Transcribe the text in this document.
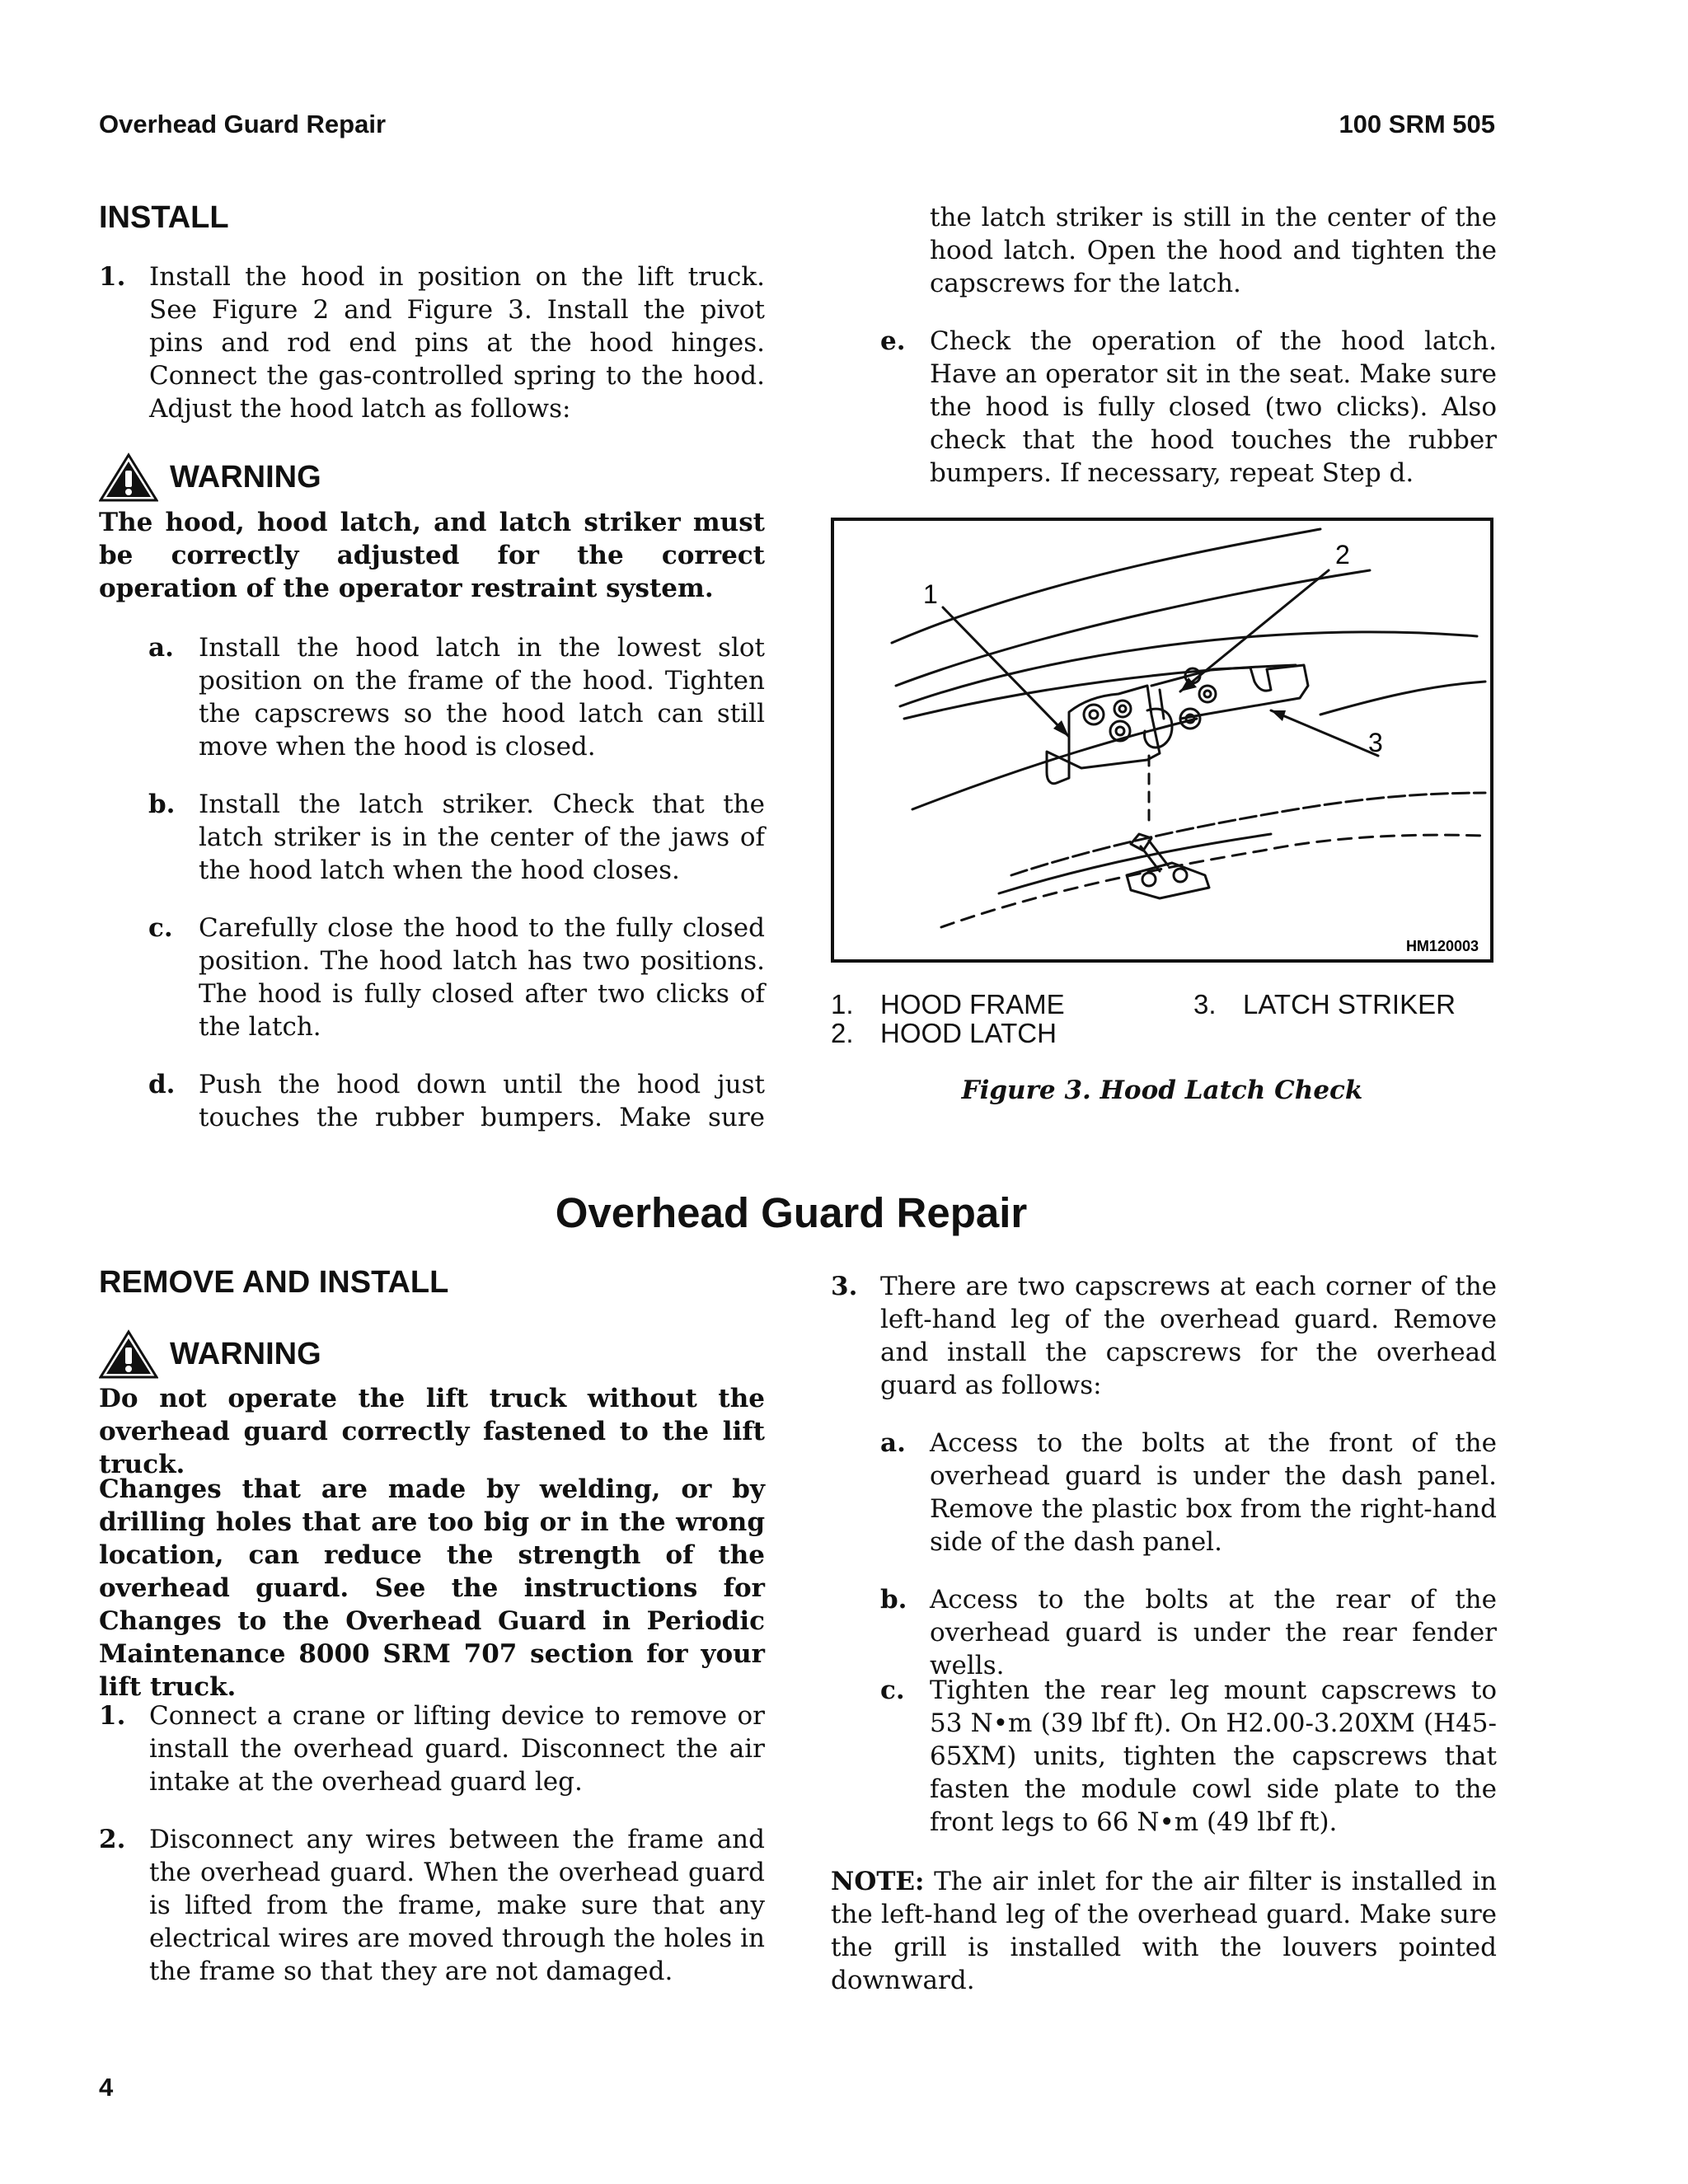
Overhead Guard Repair	100 SRM 505
INSTALL
1. Install the hood in position on the lift truck. See Figure 2 and Figure 3. Install the pivot pins and rod end pins at the hood hinges. Connect the gas-controlled spring to the hood. Adjust the hood latch as follows:
WARNING
The hood, hood latch, and latch striker must be correctly adjusted for the correct operation of the operator restraint system.
a. Install the hood latch in the lowest slot position on the frame of the hood. Tighten the capscrews so the hood latch can still move when the hood is closed.
b. Install the latch striker. Check that the latch striker is in the center of the jaws of the hood latch when the hood closes.
c. Carefully close the hood to the fully closed position. The hood latch has two positions. The hood is fully closed after two clicks of the latch.
d. Push the hood down until the hood just touches the rubber bumpers. Make sure
the latch striker is still in the center of the hood latch. Open the hood and tighten the capscrews for the latch.
e. Check the operation of the hood latch. Have an operator sit in the seat. Make sure the hood is fully closed (two clicks). Also check that the hood touches the rubber bumpers. If necessary, repeat Step d.
1
2
3
HM120003
1. HOOD FRAME
2. HOOD LATCH
3. LATCH STRIKER
Figure 3. Hood Latch Check
Overhead Guard Repair
REMOVE AND INSTALL
WARNING
Do not operate the lift truck without the overhead guard correctly fastened to the lift truck.
Changes that are made by welding, or by drilling holes that are too big or in the wrong location, can reduce the strength of the overhead guard. See the instructions for Changes to the Overhead Guard in Periodic Maintenance 8000 SRM 707 section for your lift truck.
1. Connect a crane or lifting device to remove or install the overhead guard. Disconnect the air intake at the overhead guard leg.
2. Disconnect any wires between the frame and the overhead guard. When the overhead guard is lifted from the frame, make sure that any electrical wires are moved through the holes in the frame so that they are not damaged.
3. There are two capscrews at each corner of the left-hand leg of the overhead guard. Remove and install the capscrews for the overhead guard as follows:
a. Access to the bolts at the front of the overhead guard is under the dash panel. Remove the plastic box from the right-hand side of the dash panel.
b. Access to the bolts at the rear of the overhead guard is under the rear fender wells.
c. Tighten the rear leg mount capscrews to 53 N•m (39 lbf ft). On H2.00-3.20XM (H45-65XM) units, tighten the capscrews that fasten the module cowl side plate to the front legs to 66 N•m (49 lbf ft).
NOTE: The air inlet for the air filter is installed in the left-hand leg of the overhead guard. Make sure the grill is installed with the louvers pointed downward.
4
